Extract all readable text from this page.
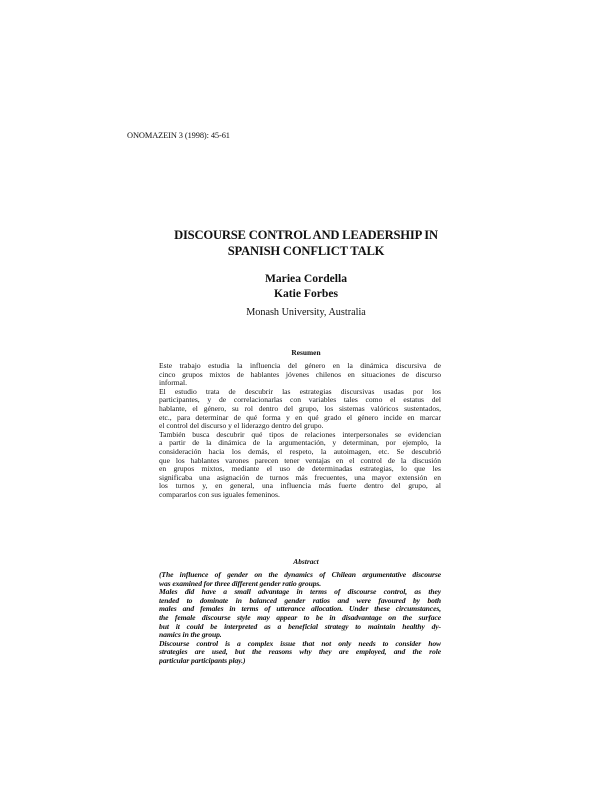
ONOMAZEIN 3 (1998): 45-61
DISCOURSE CONTROL AND LEADERSHIP IN
SPANISH CONFLICT TALK
Mariea Cordella
Katie Forbes
Monash University, Australia
Resumen
Este trabajo estudia la influencia del género en la dinámica discursiva de
cinco grupos mixtos de hablantes jóvenes chilenos en situaciones de discurso
informal.
El estudio trata de descubrir las estrategias discursivas usadas por los
participantes, y de correlacionarlas con variables tales como el estatus del
hablante, el género, su rol dentro del grupo, los sistemas valóricos sustentados,
etc., para determinar de qué forma y en qué grado el género incide en marcar
el control del discurso y el liderazgo dentro del grupo.
También busca descubrir qué tipos de relaciones interpersonales se evidencian
a partir de la dinámica de la argumentación, y determinan, por ejemplo, la
consideración hacia los demás, el respeto, la autoimagen, etc. Se descubrió
que los hablantes varones parecen tener ventajas en el control de la discusión
en grupos mixtos, mediante el uso de determinadas estrategias, lo que les
significaba una asignación de turnos más frecuentes, una mayor extensión en
los turnos y, en general, una influencia más fuerte dentro del grupo, al
compararlos con sus iguales femeninos.
Abstract
(The influence of gender on the dynamics of Chilean argumentative discourse
was examined for three different gender ratio groups.
Males did have a small advantage in terms of discourse control, as they
tended to dominate in balanced gender ratios and were favoured by both
males and females in terms of utterance allocation. Under these circumstances,
the female discourse style may appear to be in disadvantage on the surface
but it could be interpreted as a beneficial strategy to maintain healthy dy-
namics in the group.
Discourse control is a complex issue that not only needs to consider how
strategies are used, but the reasons why they are employed, and the role
particular participants play.)
